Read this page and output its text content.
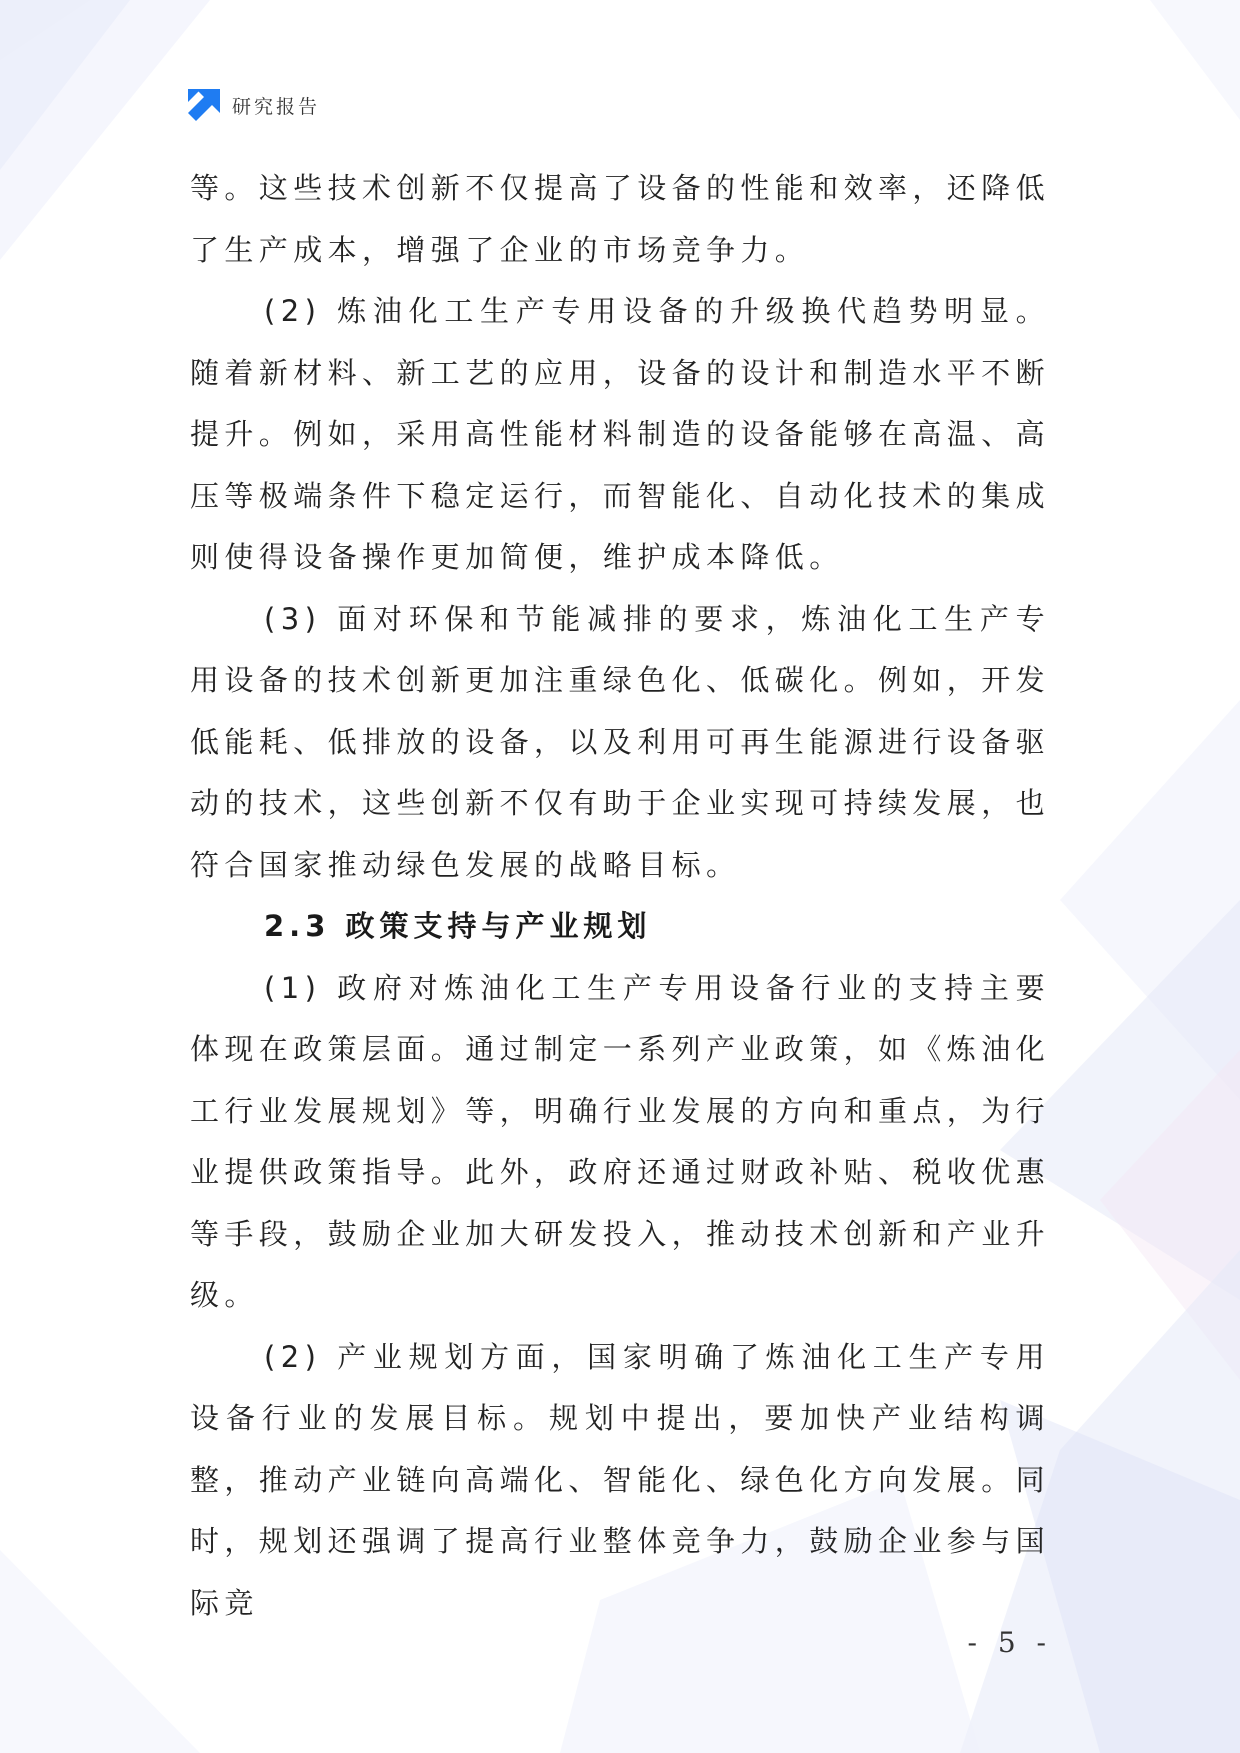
研究报告

等。这些技术创新不仅提高了设备的性能和效率，还降低了生产成本，增强了企业的市场竞争力。

(2) 炼油化工生产专用设备的升级换代趋势明显。随着新材料、新工艺的应用，设备的设计和制造水平不断提升。例如，采用高性能材料制造的设备能够在高温、高压等极端条件下稳定运行，而智能化、自动化技术的集成则使得设备操作更加简便，维护成本降低。

(3) 面对环保和节能减排的要求，炼油化工生产专用设备的技术创新更加注重绿色化、低碳化。例如，开发低能耗、低排放的设备，以及利用可再生能源进行设备驱动的技术，这些创新不仅有助于企业实现可持续发展，也符合国家推动绿色发展的战略目标。

2.3 政策支持与产业规划

(1) 政府对炼油化工生产专用设备行业的支持主要体现在政策层面。通过制定一系列产业政策，如《炼油化工行业发展规划》等，明确行业发展的方向和重点，为行业提供政策指导。此外，政府还通过财政补贴、税收优惠等手段，鼓励企业加大研发投入，推动技术创新和产业升级。

(2) 产业规划方面，国家明确了炼油化工生产专用设备行业的发展目标。规划中提出，要加快产业结构调整，推动产业链向高端化、智能化、绿色化方向发展。同时，规划还强调了提高行业整体竞争力，鼓励企业参与国际竞

- 5 -
